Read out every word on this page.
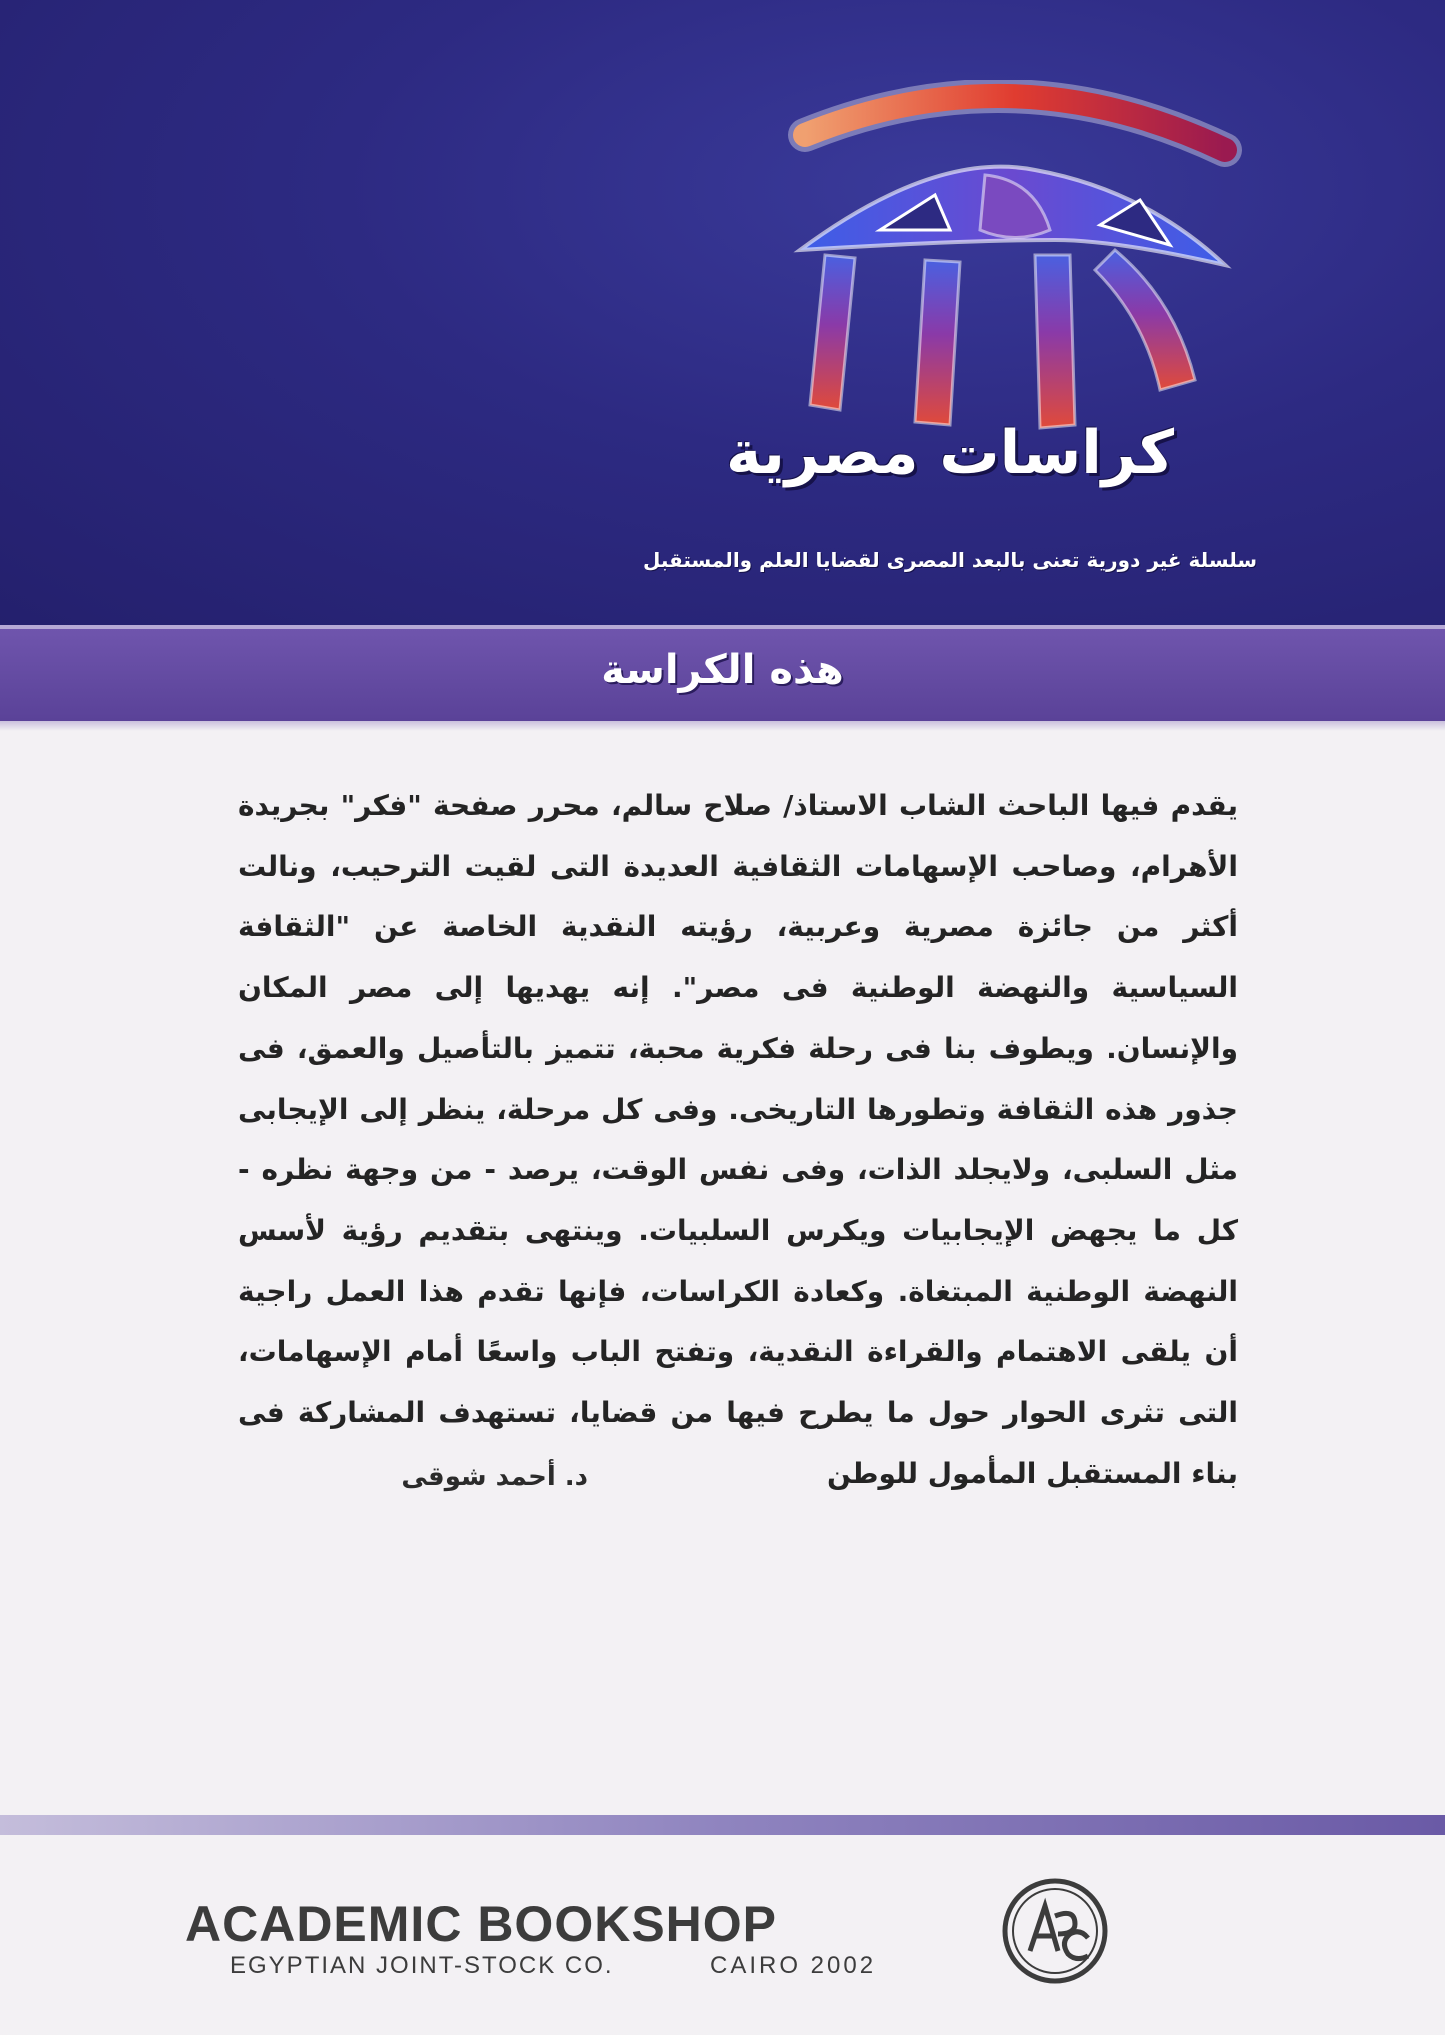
كراسات مصرية

سلسلة غير دورية تعنى بالبعد المصرى لقضايا العلم والمستقبل

هذه الكراسة

يقدم فيها الباحث الشاب الاستاذ/ صلاح سالم، محرر صفحة "فكر" بجريدة الأهرام، وصاحب الإسهامات الثقافية العديدة التى لقيت الترحيب، ونالت أكثر من جائزة مصرية وعربية، رؤيته النقدية الخاصة عن "الثقافة السياسية والنهضة الوطنية فى مصر". إنه يهديها إلى مصر المكان والإنسان. ويطوف بنا فى رحلة فكرية محبة، تتميز بالتأصيل والعمق، فى جذور هذه الثقافة وتطورها التاريخى. وفى كل مرحلة، ينظر إلى الإيجابى مثل السلبى، ولايجلد الذات، وفى نفس الوقت، يرصد - من وجهة نظره - كل ما يجهض الإيجابيات ويكرس السلبيات. وينتهى بتقديم رؤية لأسس النهضة الوطنية المبتغاة. وكعادة الكراسات، فإنها تقدم هذا العمل راجية أن يلقى الاهتمام والقراءة النقدية، وتفتح الباب واسعًا أمام الإسهامات، التى تثرى الحوار حول ما يطرح فيها من قضايا، تستهدف المشاركة فى بناء المستقبل المأمول للوطن

د. أحمد شوقى

ACADEMIC BOOKSHOP

EGYPTIAN JOINT-STOCK CO.	CAIRO 2002
